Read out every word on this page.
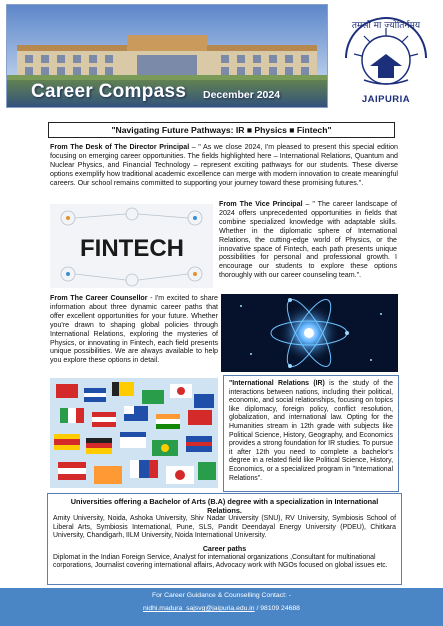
Career Compass December 2024
तमसो मा ज्योतिर्गमय
JAIPURIA
"Navigating Future Pathways: IR ■ Physics ■ Fintech"
From The Desk of The Director Principal – " As we close 2024, I'm pleased to present this special edition focusing on emerging career opportunities. The fields highlighted here – International Relations, Quantum and Nuclear Physics, and Financial Technology – represent exciting pathways for our students. These diverse options exemplify how traditional academic excellence can merge with modern innovation to create meaningful careers. Our school remains committed to supporting your journey toward these promising futures.".
FINTECH
From The Vice Principal – " The career landscape of 2024 offers unprecedented opportunities in fields that combine specialized knowledge with adaptable skills. Whether in the diplomatic sphere of International Relations, the cutting-edge world of Physics, or the innovative space of Fintech, each path presents unique possibilities for personal and professional growth. I encourage our students to explore these options thoroughly with our career counseling team.".
From The Career Counsellor - I'm excited to share information about three dynamic career paths that offer excellent opportunities for your future. Whether you're drawn to shaping global policies through International Relations, exploring the mysteries of Physics, or innovating in Fintech, each field presents unique possibilities. We are always available to help you explore these options in detail.
"International Relations (IR) is the study of the interactions between nations, including their political, economic, and social relationships, focusing on topics like diplomacy, foreign policy, conflict resolution, globalization, and international law. Opting for the Humanities stream in 12th grade with subjects like Political Science, History, Geography, and Economics provides a strong foundation for IR studies. To pursue it after 12th you need to complete a bachelor's degree in a related field like Political Science, History, Economics, or a specialized program in "International Relations".
Universities offering a Bachelor of Arts (B.A) degree with a specialization in International Relations.
Amity University, Noida, Ashoka University, Shiv Nadar University (SNU), RV University, Symbiosis School of Liberal Arts, Symbiosis International, Pune, SLS, Pandit Deendayal Energy University (PDEU), Chitkara University, Chandigarh, IILM University, Noida International University.
Career paths
Diplomat in the Indian Foreign Service, Analyst for international organizations ,Consultant for multinational corporations, Journalist covering international affairs, Advocacy work with NGOs focused on global issues etc.
For Career Guidance & Counselling Contact: -
nidhi.madura_sajsvg@jaipuria.edu.in / 98109 24688
